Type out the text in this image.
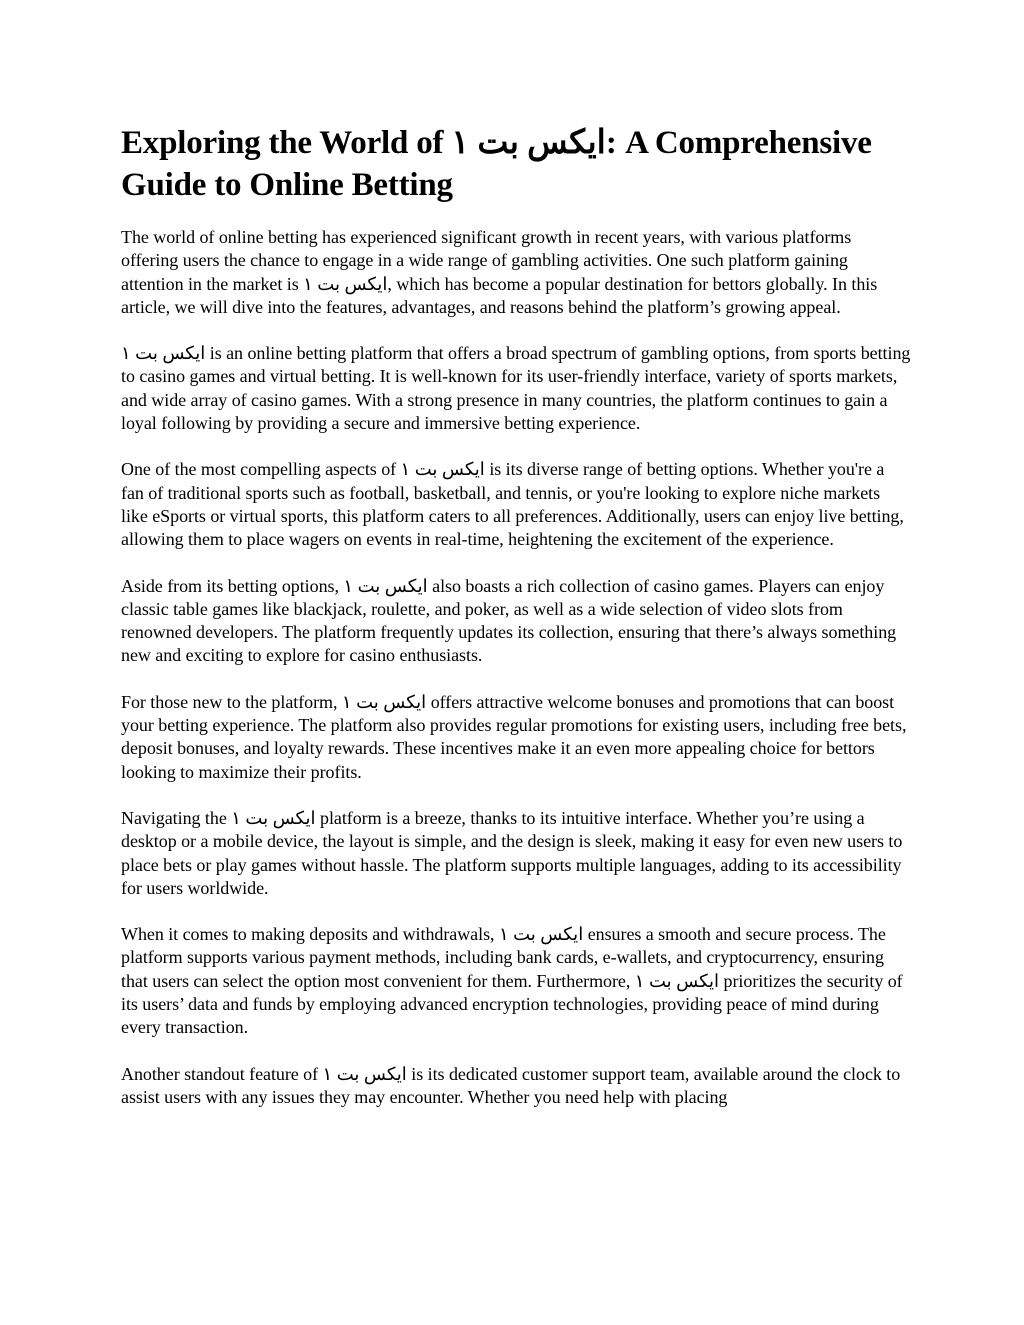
Exploring the World of ایکس بت ۱: A Comprehensive Guide to Online Betting

The world of online betting has experienced significant growth in recent years, with various platforms offering users the chance to engage in a wide range of gambling activities. One such platform gaining attention in the market is ایکس بت ۱, which has become a popular destination for bettors globally. In this article, we will dive into the features, advantages, and reasons behind the platform’s growing appeal.

ایکس بت ۱ is an online betting platform that offers a broad spectrum of gambling options, from sports betting to casino games and virtual betting. It is well-known for its user-friendly interface, variety of sports markets, and wide array of casino games. With a strong presence in many countries, the platform continues to gain a loyal following by providing a secure and immersive betting experience.

One of the most compelling aspects of ایکس بت ۱ is its diverse range of betting options. Whether you're a fan of traditional sports such as football, basketball, and tennis, or you're looking to explore niche markets like eSports or virtual sports, this platform caters to all preferences. Additionally, users can enjoy live betting, allowing them to place wagers on events in real-time, heightening the excitement of the experience.

Aside from its betting options, ایکس بت ۱ also boasts a rich collection of casino games. Players can enjoy classic table games like blackjack, roulette, and poker, as well as a wide selection of video slots from renowned developers. The platform frequently updates its collection, ensuring that there’s always something new and exciting to explore for casino enthusiasts.

For those new to the platform, ایکس بت ۱ offers attractive welcome bonuses and promotions that can boost your betting experience. The platform also provides regular promotions for existing users, including free bets, deposit bonuses, and loyalty rewards. These incentives make it an even more appealing choice for bettors looking to maximize their profits.

Navigating the ایکس بت ۱ platform is a breeze, thanks to its intuitive interface. Whether you’re using a desktop or a mobile device, the layout is simple, and the design is sleek, making it easy for even new users to place bets or play games without hassle. The platform supports multiple languages, adding to its accessibility for users worldwide.

When it comes to making deposits and withdrawals, ایکس بت ۱ ensures a smooth and secure process. The platform supports various payment methods, including bank cards, e-wallets, and cryptocurrency, ensuring that users can select the option most convenient for them. Furthermore, ایکس بت ۱ prioritizes the security of its users’ data and funds by employing advanced encryption technologies, providing peace of mind during every transaction.

Another standout feature of ایکس بت ۱ is its dedicated customer support team, available around the clock to assist users with any issues they may encounter. Whether you need help with placing
